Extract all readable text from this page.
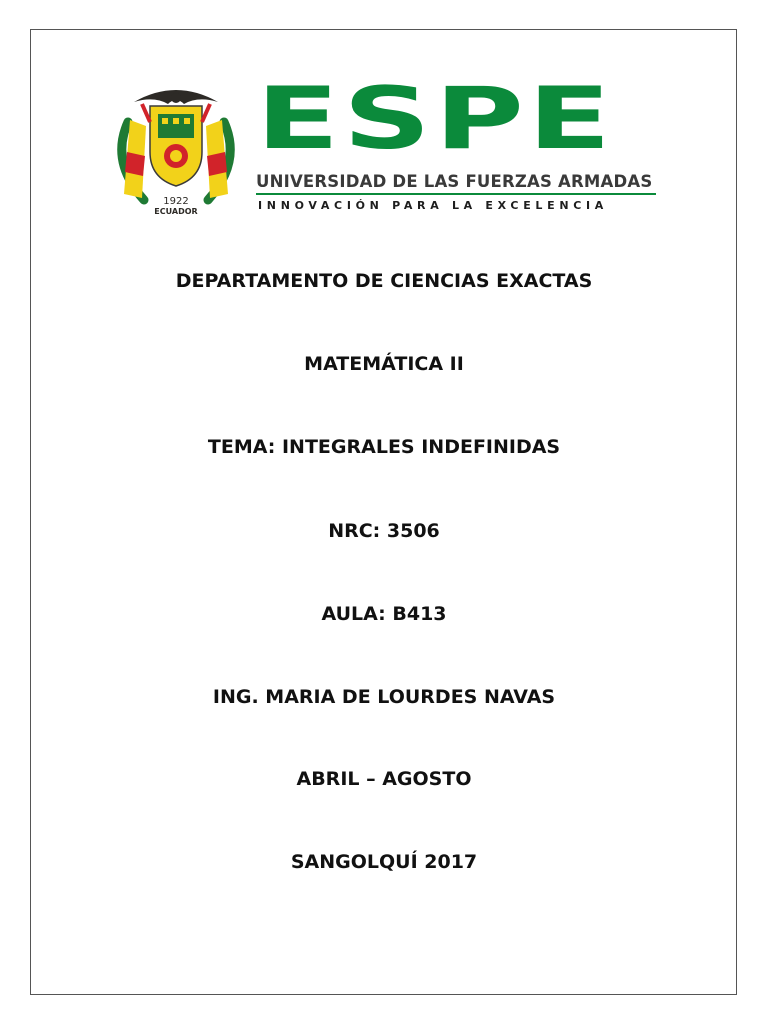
1922
ECUADOR
ESPE
UNIVERSIDAD DE LAS FUERZAS ARMADAS
INNOVACIÓN PARA LA EXCELENCIA
DEPARTAMENTO DE CIENCIAS EXACTAS
MATEMÁTICA II
TEMA: INTEGRALES INDEFINIDAS
NRC: 3506
AULA: B413
ING. MARIA DE LOURDES NAVAS
ABRIL – AGOSTO
SANGOLQUÍ 2017
